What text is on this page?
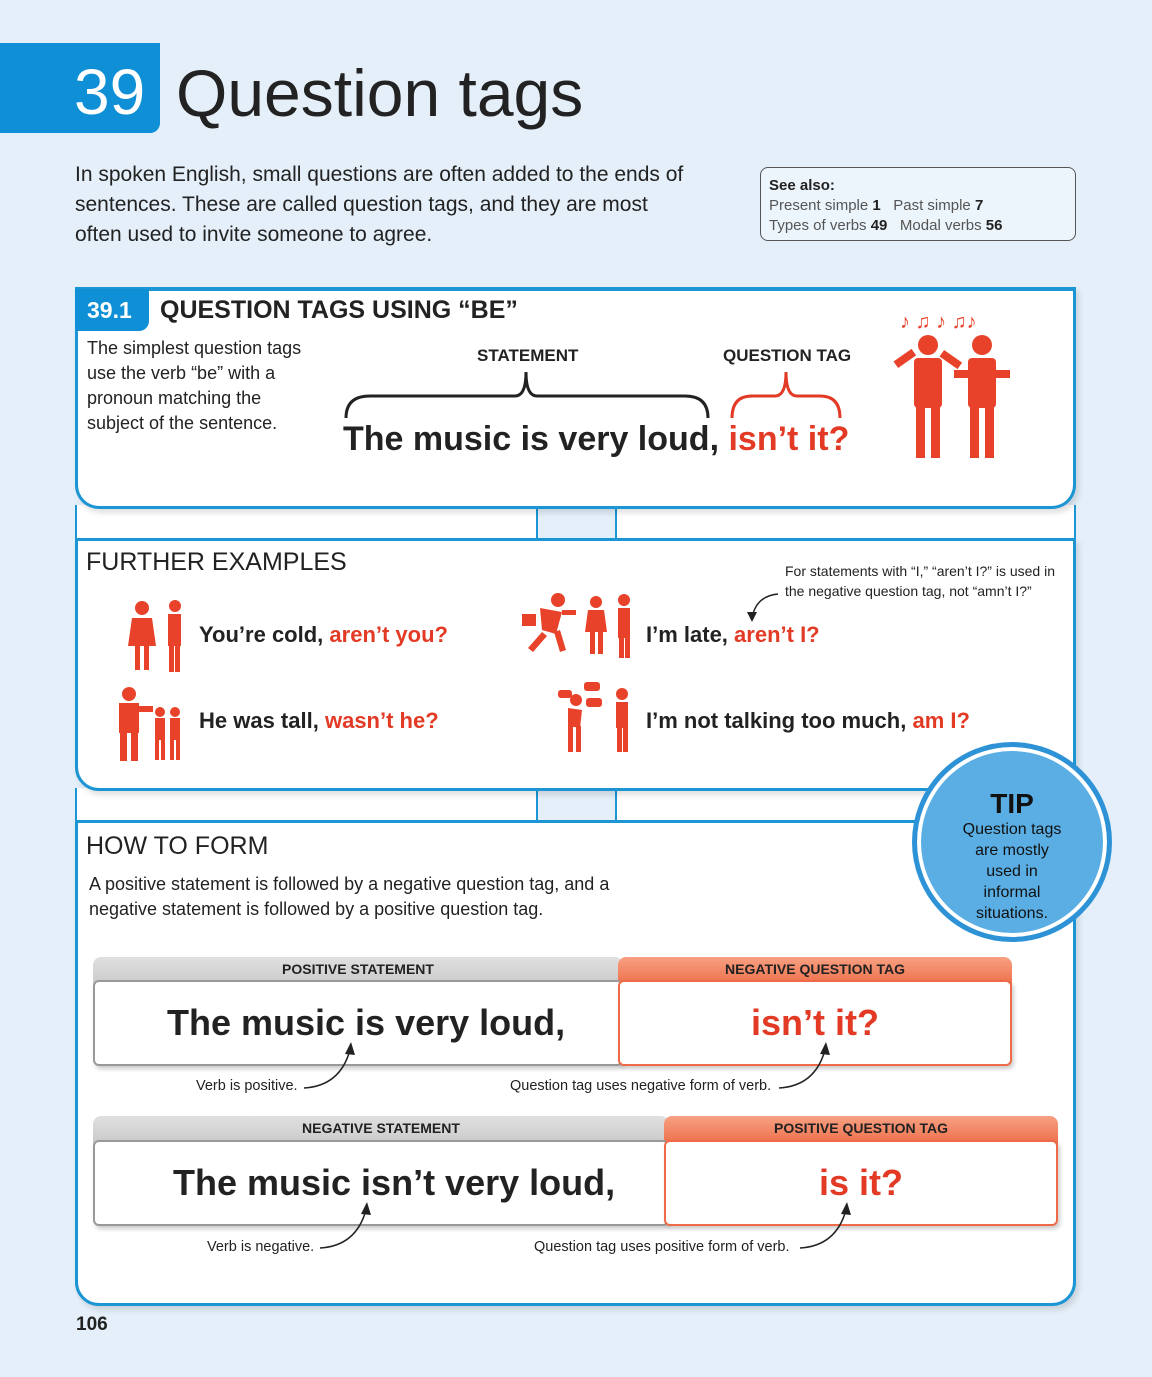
39 Question tags

In spoken English, small questions are often added to the ends of sentences. These are called question tags, and they are most often used to invite someone to agree.

See also:
Present simple 1 Past simple 7
Types of verbs 49 Modal verbs 56
39.1	QUESTION TAGS USING “BE”

The simplest question tags use the verb “be” with a pronoun matching the subject of the sentence.

STATEMENT	QUESTION TAG
The music is very loud, isn’t it?
♪ ♫ ♪ ♫♪
FURTHER EXAMPLES	For statements with “I,” “aren’t I?” is used in the negative question tag, not “amn’t I?”
You’re cold, aren’t you?	I’m late, aren’t I?
He was tall, wasn’t he?	I’m not talking too much, am I?
HOW TO FORM

A positive statement is followed by a negative question tag, and a negative statement is followed by a positive question tag.

POSITIVE STATEMENT	NEGATIVE QUESTION TAG
The music is very loud,	isn’t it?
Verb is positive.	Question tag uses negative form of verb.
NEGATIVE STATEMENT	POSITIVE QUESTION TAG
The music isn’t very loud,	is it?
Verb is negative.	Question tag uses positive form of verb.
TIP
Question tags are mostly used in informal situations.
106
